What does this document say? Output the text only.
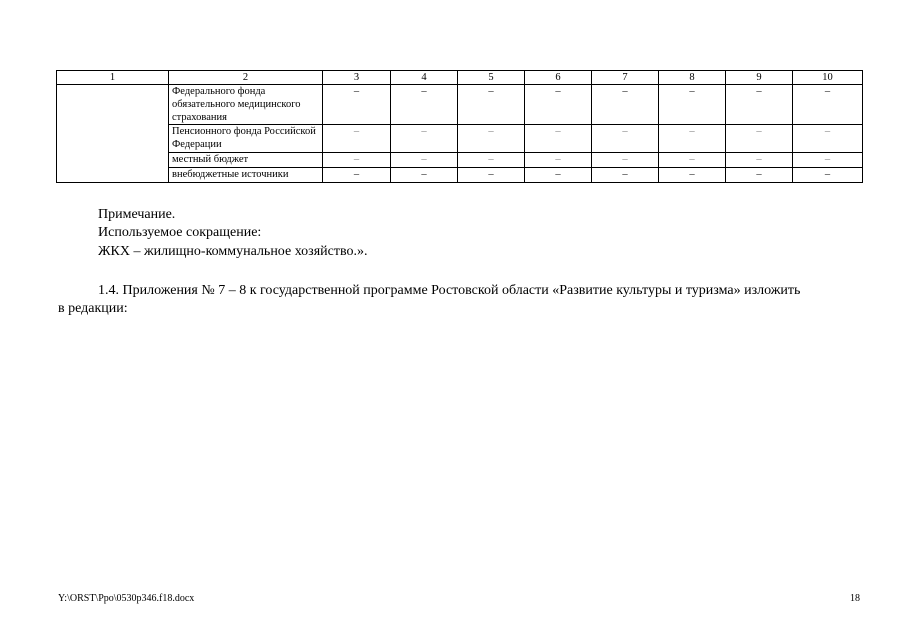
1	2	3	4	5	6	7	8	9	10
	Федерального фонда обязательного медицинского страхования	–	–	–	–	–	–	–	–
	Пенсионного фонда Российской Федерации	–	–	–	–	–	–	–	–
	местный бюджет	–	–	–	–	–	–	–	–
	внебюджетные источники	–	–	–	–	–	–	–	–
Примечание.
Используемое сокращение:
ЖКХ – жилищно-коммунальное хозяйство.».
1.4. Приложения № 7 – 8 к государственной программе Ростовской области «Развитие культуры и туризма» изложить
в редакции:
Y:\ORST\Ppo\0530p346.f18.docx	18
